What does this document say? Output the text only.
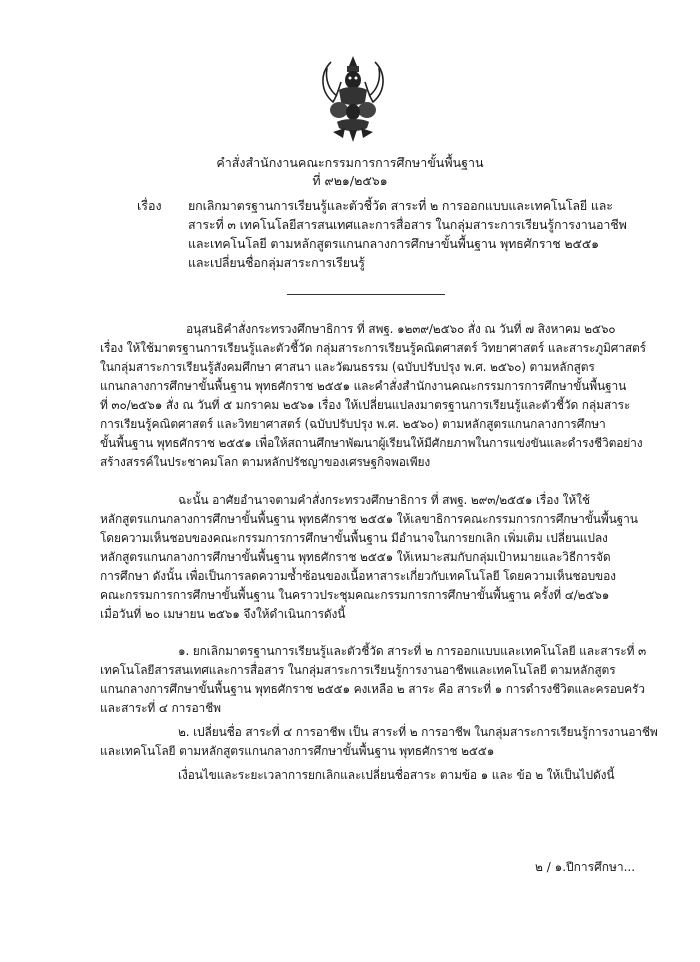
คำสั่งสำนักงานคณะกรรมการการศึกษาขั้นพื้นฐาน
ที่ ๙๒๑/๒๕๖๑
เรื่อง ยกเลิกมาตรฐานการเรียนรู้และตัวชี้วัด สาระที่ ๒ การออกแบบและเทคโนโลยี และ
สาระที่ ๓ เทคโนโลยีสารสนเทศและการสื่อสาร ในกลุ่มสาระการเรียนรู้การงานอาชีพ
และเทคโนโลยี ตามหลักสูตรแกนกลางการศึกษาขั้นพื้นฐาน พุทธศักราช ๒๕๕๑
และเปลี่ยนชื่อกลุ่มสาระการเรียนรู้
อนุสนธิคำสั่งกระทรวงศึกษาธิการ ที่ สพฐ. ๑๒๓๙/๒๕๖๐ สั่ง ณ วันที่ ๗ สิงหาคม ๒๕๖๐
เรื่อง ให้ใช้มาตรฐานการเรียนรู้และตัวชี้วัด กลุ่มสาระการเรียนรู้คณิตศาสตร์ วิทยาศาสตร์ และสาระภูมิศาสตร์
ในกลุ่มสาระการเรียนรู้สังคมศึกษา ศาสนา และวัฒนธรรม (ฉบับปรับปรุง พ.ศ. ๒๕๖๐) ตามหลักสูตร
แกนกลางการศึกษาขั้นพื้นฐาน พุทธศักราช ๒๕๕๑ และคำสั่งสำนักงานคณะกรรมการการศึกษาขั้นพื้นฐาน
ที่ ๓๐/๒๕๖๑ สั่ง ณ วันที่ ๕ มกราคม ๒๕๖๑ เรื่อง ให้เปลี่ยนแปลงมาตรฐานการเรียนรู้และตัวชี้วัด กลุ่มสาระ
การเรียนรู้คณิตศาสตร์ และวิทยาศาสตร์ (ฉบับปรับปรุง พ.ศ. ๒๕๖๐) ตามหลักสูตรแกนกลางการศึกษา
ขั้นพื้นฐาน พุทธศักราช ๒๕๕๑ เพื่อให้สถานศึกษาพัฒนาผู้เรียนให้มีศักยภาพในการแข่งขันและดำรงชีวิตอย่าง
สร้างสรรค์ในประชาคมโลก ตามหลักปรัชญาของเศรษฐกิจพอเพียง
ฉะนั้น อาศัยอำนาจตามคำสั่งกระทรวงศึกษาธิการ ที่ สพฐ. ๒๙๓/๒๕๕๑ เรื่อง ให้ใช้
หลักสูตรแกนกลางการศึกษาขั้นพื้นฐาน พุทธศักราช ๒๕๕๑ ให้เลขาธิการคณะกรรมการการศึกษาขั้นพื้นฐาน
โดยความเห็นชอบของคณะกรรมการการศึกษาขั้นพื้นฐาน มีอำนาจในการยกเลิก เพิ่มเติม เปลี่ยนแปลง
หลักสูตรแกนกลางการศึกษาขั้นพื้นฐาน พุทธศักราช ๒๕๕๑ ให้เหมาะสมกับกลุ่มเป้าหมายและวิธีการจัด
การศึกษา ดังนั้น เพื่อเป็นการลดความซ้ำซ้อนของเนื้อหาสาระเกี่ยวกับเทคโนโลยี โดยความเห็นชอบของ
คณะกรรมการการศึกษาขั้นพื้นฐาน ในคราวประชุมคณะกรรมการการศึกษาขั้นพื้นฐาน ครั้งที่ ๔/๒๕๖๑
เมื่อวันที่ ๒๐ เมษายน ๒๕๖๑ จึงให้ดำเนินการดังนี้
๑. ยกเลิกมาตรฐานการเรียนรู้และตัวชี้วัด สาระที่ ๒ การออกแบบและเทคโนโลยี และสาระที่ ๓
เทคโนโลยีสารสนเทศและการสื่อสาร ในกลุ่มสาระการเรียนรู้การงานอาชีพและเทคโนโลยี ตามหลักสูตร
แกนกลางการศึกษาขั้นพื้นฐาน พุทธศักราช ๒๕๕๑ คงเหลือ ๒ สาระ คือ สาระที่ ๑ การดำรงชีวิตและครอบครัว
และสาระที่ ๔ การอาชีพ
๒. เปลี่ยนชื่อ สาระที่ ๔ การอาชีพ เป็น สาระที่ ๒ การอาชีพ ในกลุ่มสาระการเรียนรู้การงานอาชีพ
และเทคโนโลยี ตามหลักสูตรแกนกลางการศึกษาขั้นพื้นฐาน พุทธศักราช ๒๕๕๑
เงื่อนไขและระยะเวลาการยกเลิกและเปลี่ยนชื่อสาระ ตามข้อ ๑ และ ข้อ ๒ ให้เป็นไปดังนี้
๒ / ๑.ปีการศึกษา...
